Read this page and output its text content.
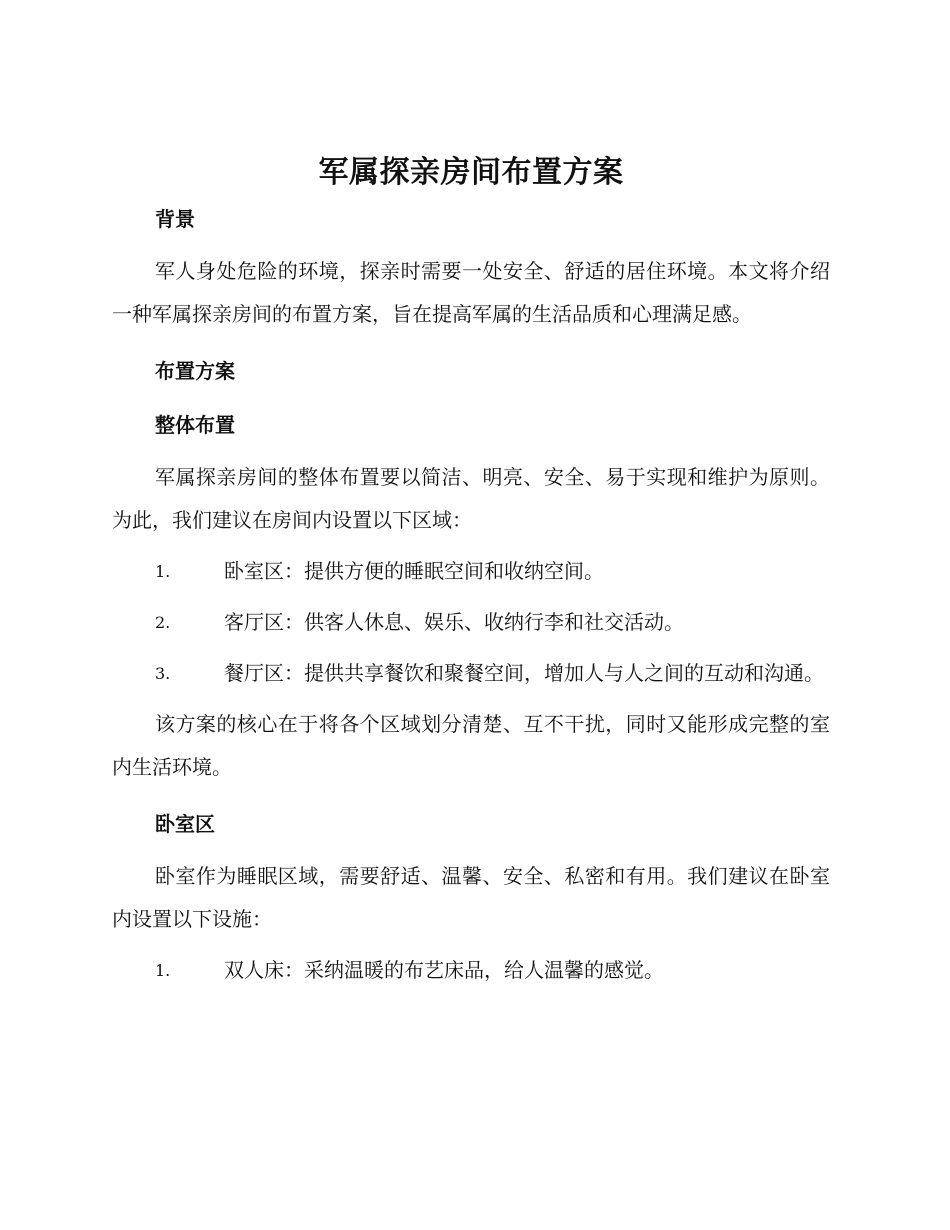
军属探亲房间布置方案
背景

军人身处危险的环境，探亲时需要一处安全、舒适的居住环境。本文将介绍一种军属探亲房间的布置方案，旨在提高军属的生活品质和心理满足感。

布置方案
整体布置

军属探亲房间的整体布置要以简洁、明亮、安全、易于实现和维护为原则。为此，我们建议在房间内设置以下区域：

1.	卧室区：提供方便的睡眠空间和收纳空间。

2.	客厅区：供客人休息、娱乐、收纳行李和社交活动。

3.	餐厅区：提供共享餐饮和聚餐空间，增加人与人之间的互动和沟通。

该方案的核心在于将各个区域划分清楚、互不干扰，同时又能形成完整的室内生活环境。

卧室区

卧室作为睡眠区域，需要舒适、温馨、安全、私密和有用。我们建议在卧室内设置以下设施：

1.	双人床：采纳温暖的布艺床品，给人温馨的感觉。
